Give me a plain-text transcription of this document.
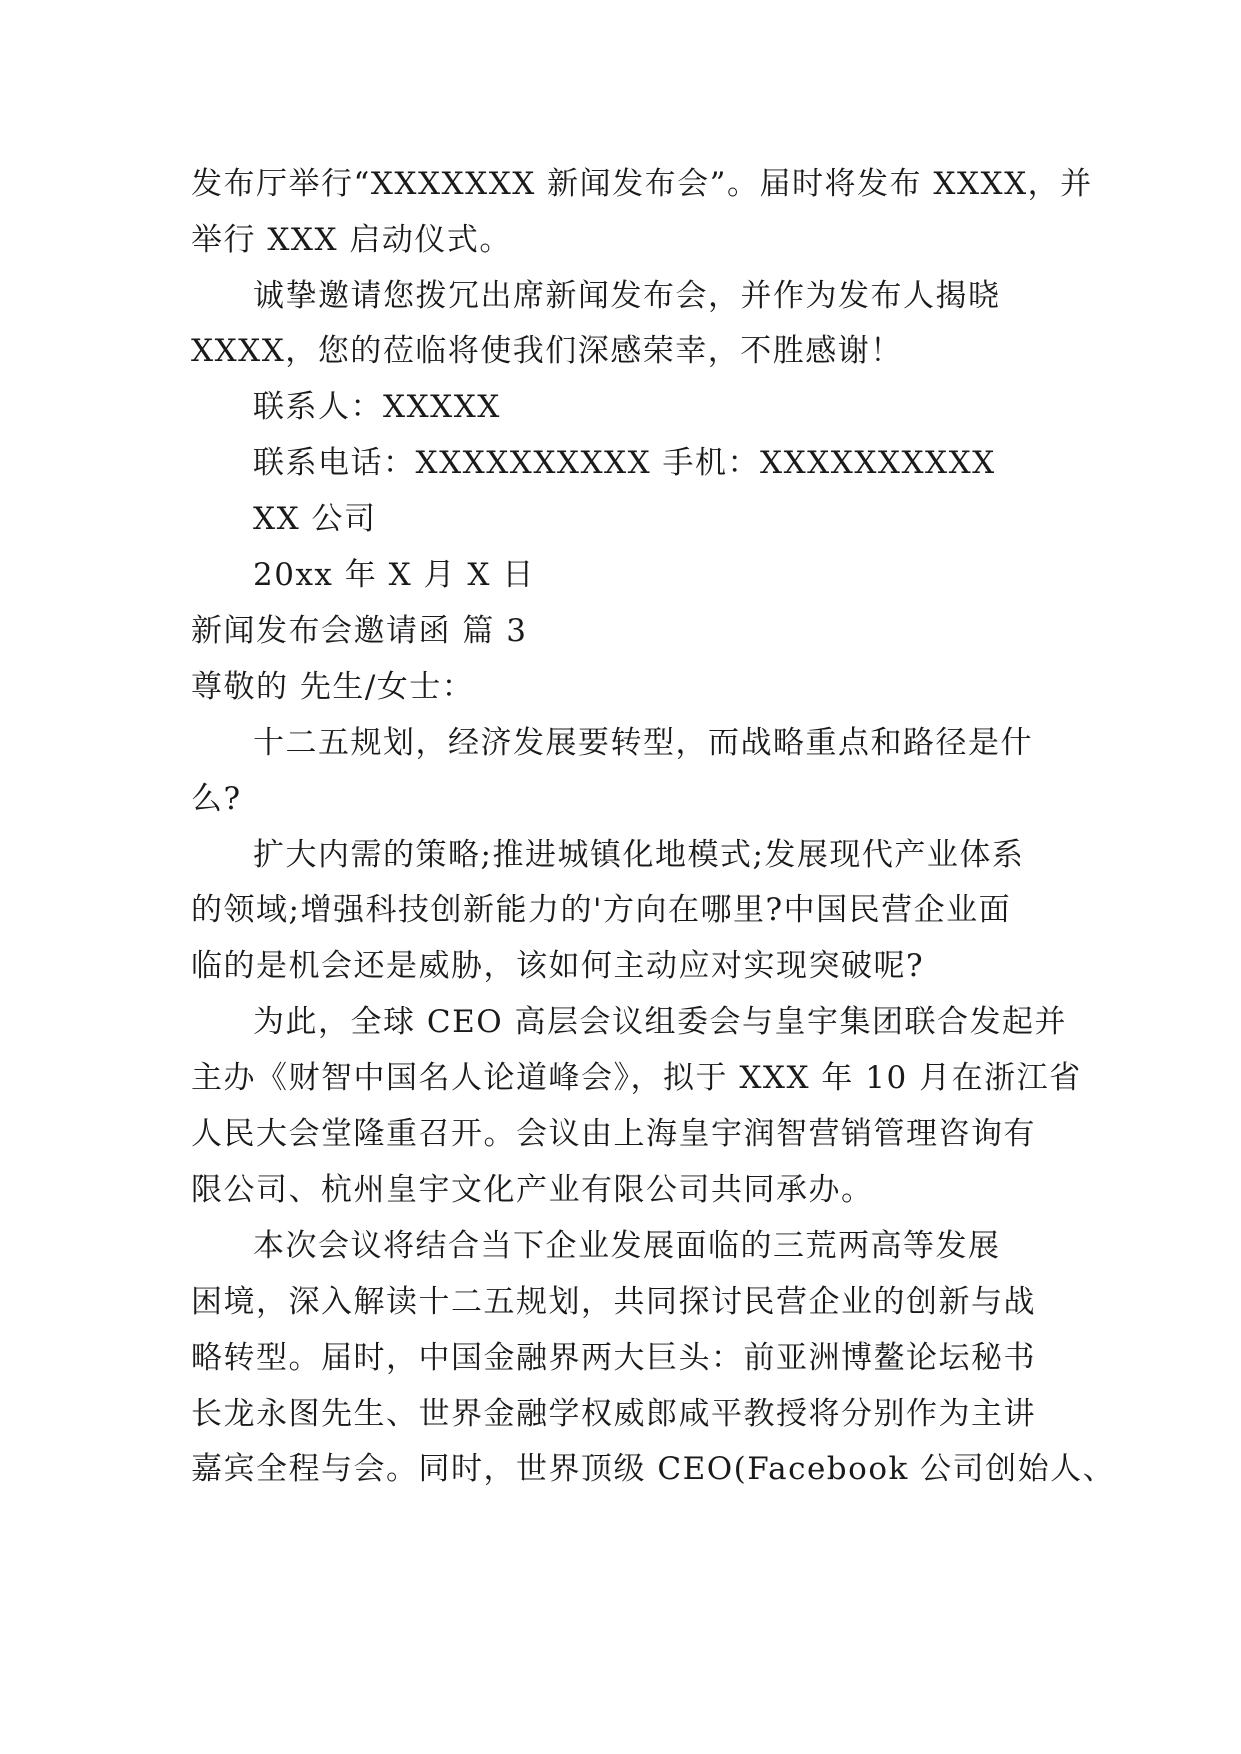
发布厅举行“XXXXXXX 新闻发布会”。届时将发布 XXXX，并
举行 XXX 启动仪式。
诚挚邀请您拨冗出席新闻发布会，并作为发布人揭晓
XXXX，您的莅临将使我们深感荣幸，不胜感谢！
联系人：XXXXX
联系电话：XXXXXXXXXX 手机：XXXXXXXXXX
XX 公司
20xx 年 X 月 X 日
新闻发布会邀请函 篇 3
尊敬的 先生/女士：
十二五规划，经济发展要转型，而战略重点和路径是什
么?
扩大内需的策略;推进城镇化地模式;发展现代产业体系
的领域;增强科技创新能力的'方向在哪里?中国民营企业面
临的是机会还是威胁，该如何主动应对实现突破呢?
为此，全球 CEO 高层会议组委会与皇宇集团联合发起并
主办《财智中国名人论道峰会》，拟于 XXX 年 10 月在浙江省
人民大会堂隆重召开。会议由上海皇宇润智营销管理咨询有
限公司、杭州皇宇文化产业有限公司共同承办。
本次会议将结合当下企业发展面临的三荒两高等发展
困境，深入解读十二五规划，共同探讨民营企业的创新与战
略转型。届时，中国金融界两大巨头：前亚洲博鳌论坛秘书
长龙永图先生、世界金融学权威郎咸平教授将分别作为主讲
嘉宾全程与会。同时，世界顶级 CEO(Facebook 公司创始人、
